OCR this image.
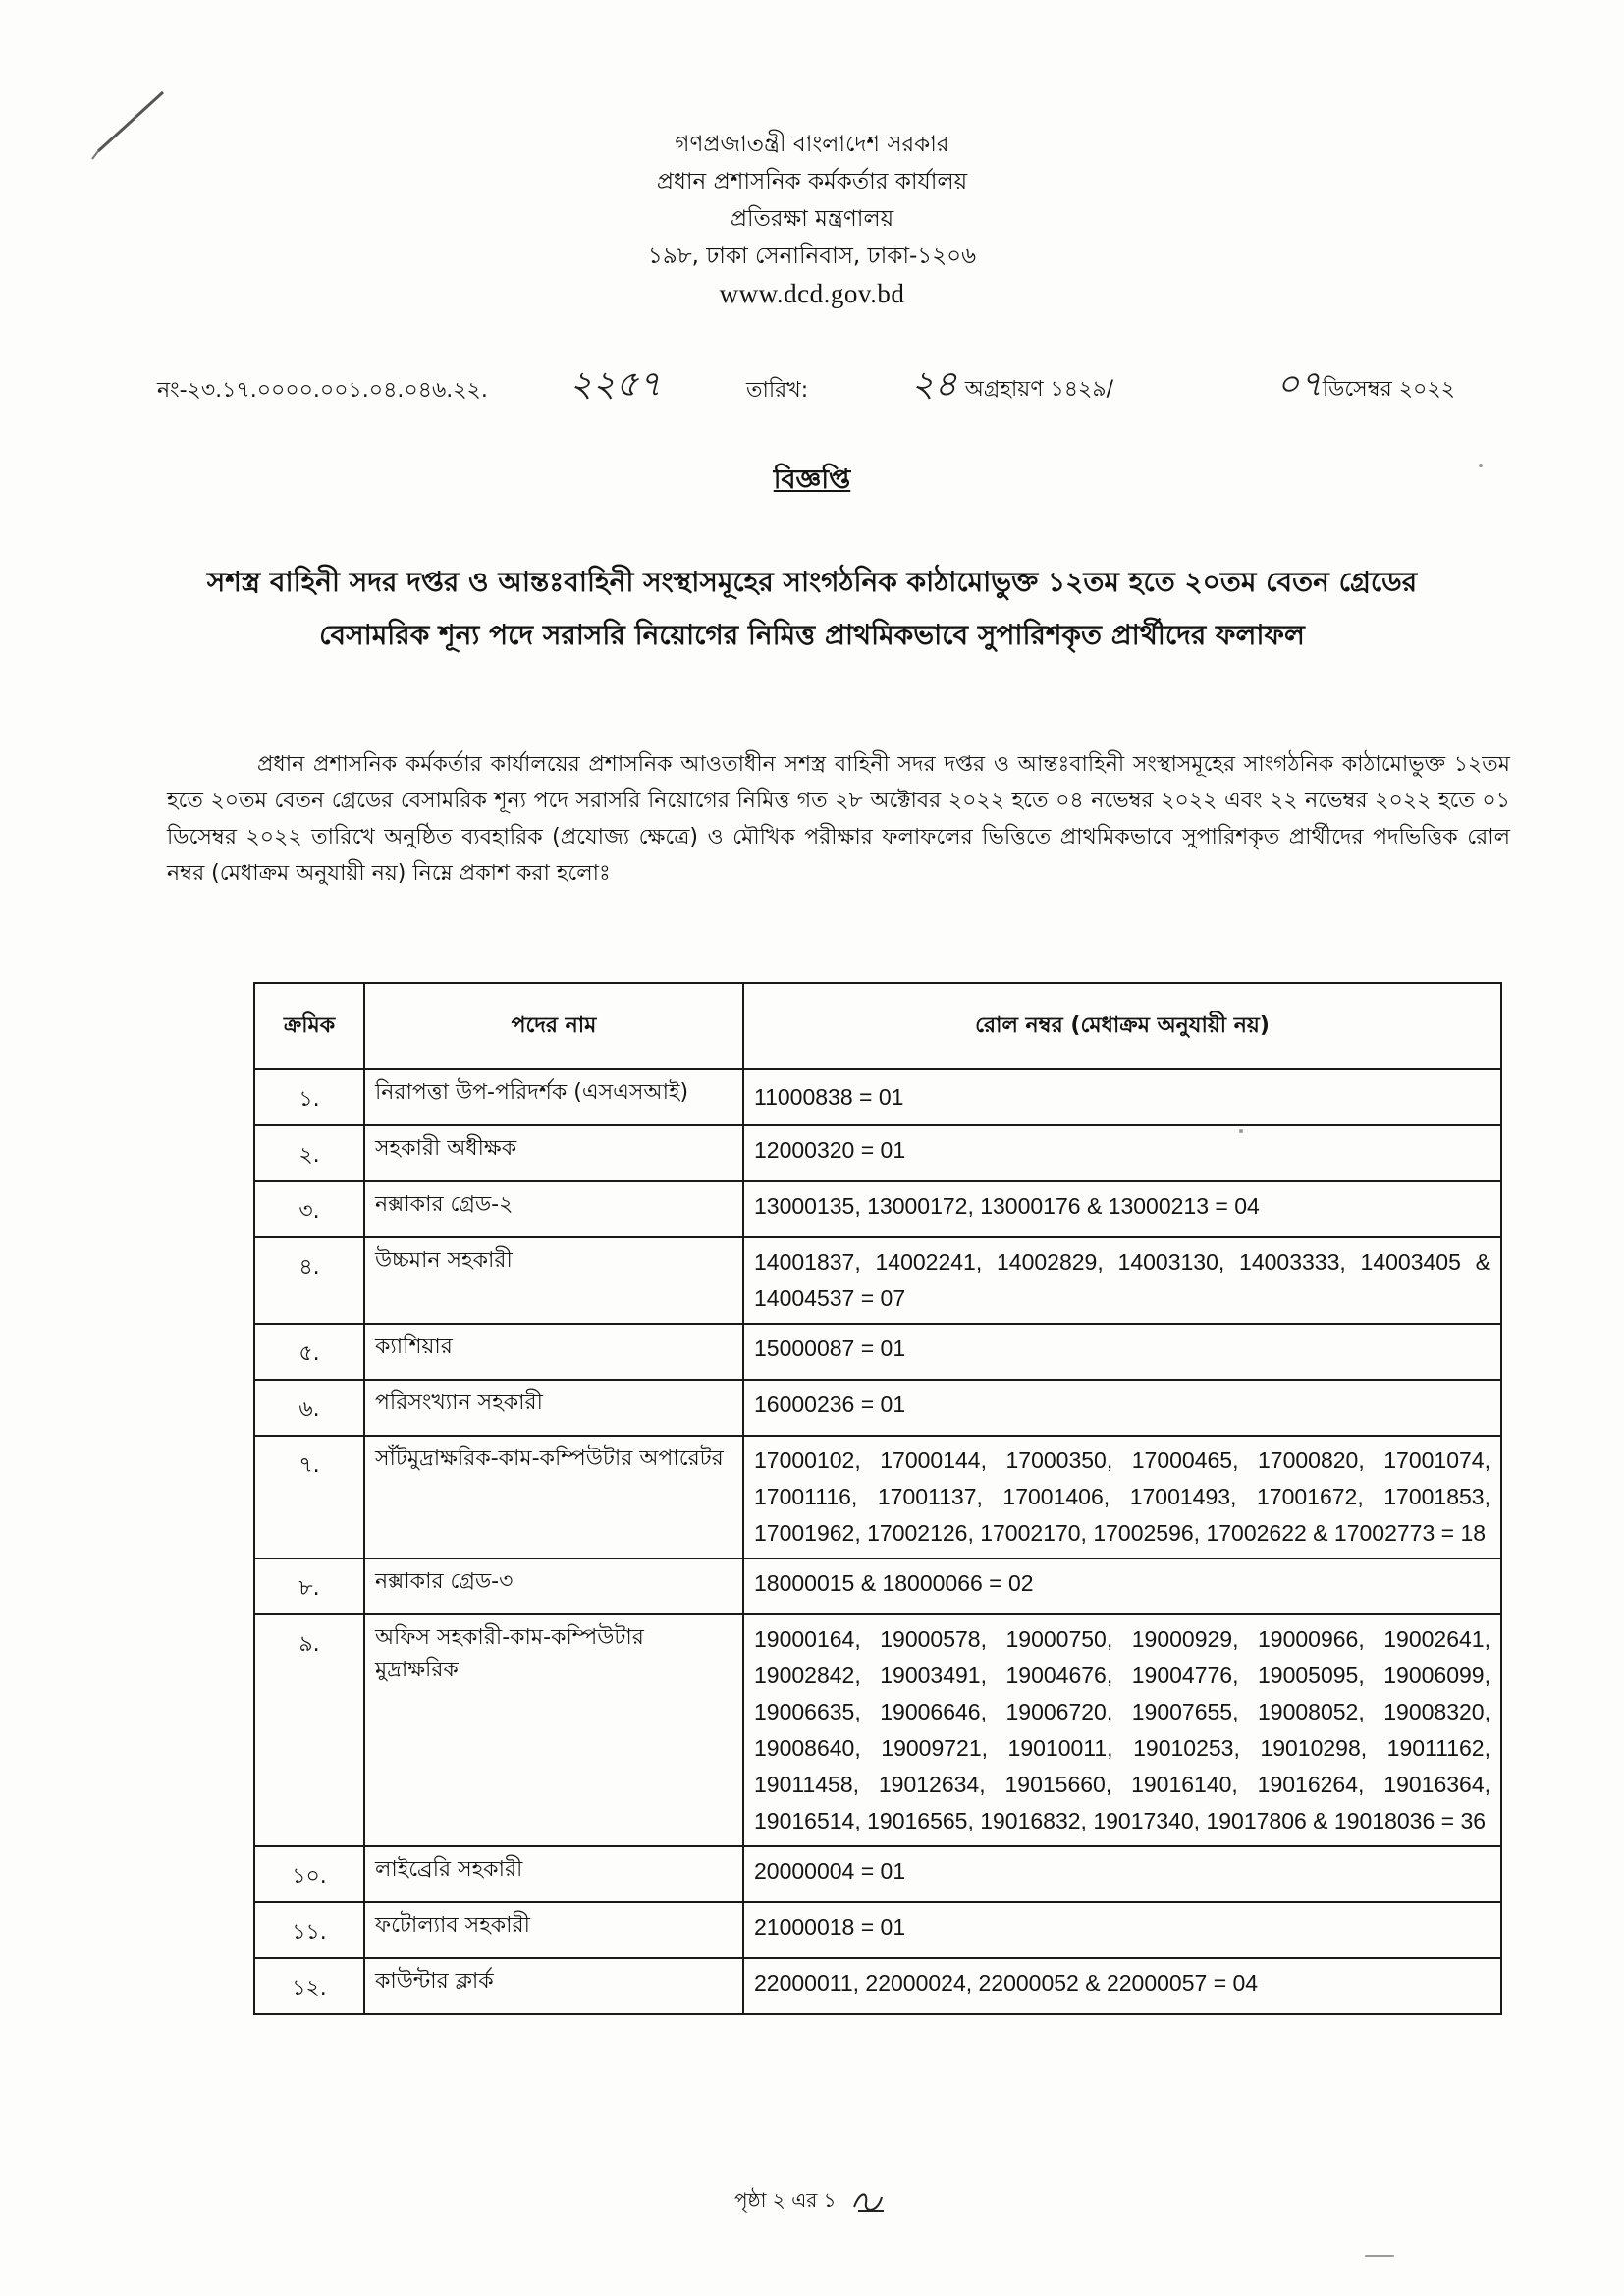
গণপ্রজাতন্ত্রী বাংলাদেশ সরকার
প্রধান প্রশাসনিক কর্মকর্তার কার্যালয়
প্রতিরক্ষা মন্ত্রণালয়
১৯৮, ঢাকা সেনানিবাস, ঢাকা-১২০৬
www.dcd.gov.bd
নং-২৩.১৭.০০০০.০০১.০৪.০৪৬.২২. ২২৫৭	তারিখ:	২৪ অগ্রহায়ণ ১৪২৯/	০৭ডিসেম্বর ২০২২
বিজ্ঞপ্তি
সশস্ত্র বাহিনী সদর দপ্তর ও আন্তঃবাহিনী সংস্থাসমূহের সাংগঠনিক কাঠামোভুক্ত ১২তম হতে ২০তম বেতন গ্রেডের বেসামরিক শূন্য পদে সরাসরি নিয়োগের নিমিত্ত প্রাথমিকভাবে সুপারিশকৃত প্রার্থীদের ফলাফল
প্রধান প্রশাসনিক কর্মকর্তার কার্যালয়ের প্রশাসনিক আওতাধীন সশস্ত্র বাহিনী সদর দপ্তর ও আন্তঃবাহিনী সংস্থাসমূহের সাংগঠনিক কাঠামোভুক্ত ১২তম হতে ২০তম বেতন গ্রেডের বেসামরিক শূন্য পদে সরাসরি নিয়োগের নিমিত্ত গত ২৮ অক্টোবর ২০২২ হতে ০৪ নভেম্বর ২০২২ এবং ২২ নভেম্বর ২০২২ হতে ০১ ডিসেম্বর ২০২২ তারিখে অনুষ্ঠিত ব্যবহারিক (প্রযোজ্য ক্ষেত্রে) ও মৌখিক পরীক্ষার ফলাফলের ভিত্তিতে প্রাথমিকভাবে সুপারিশকৃত প্রার্থীদের পদভিত্তিক রোল নম্বর (মেধাক্রম অনুযায়ী নয়) নিম্নে প্রকাশ করা হলোঃ
ক্রমিক	পদের নাম	রোল নম্বর (মেধাক্রম অনুযায়ী নয়)
১.	নিরাপত্তা উপ-পরিদর্শক (এসএসআই)	11000838 = 01
২.	সহকারী অধীক্ষক	12000320 = 01
৩.	নক্সাকার গ্রেড-২	13000135, 13000172, 13000176 & 13000213 = 04
৪.	উচ্চমান সহকারী	14001837, 14002241, 14002829, 14003130, 14003333, 14003405 & 14004537 = 07
৫.	ক্যাশিয়ার	15000087 = 01
৬.	পরিসংখ্যান সহকারী	16000236 = 01
৭.	সাঁটমুদ্রাক্ষরিক-কাম-কম্পিউটার অপারেটর	17000102, 17000144, 17000350, 17000465, 17000820, 17001074, 17001116, 17001137, 17001406, 17001493, 17001672, 17001853, 17001962, 17002126, 17002170, 17002596, 17002622 & 17002773 = 18
৮.	নক্সাকার গ্রেড-৩	18000015 & 18000066 = 02
৯.	অফিস সহকারী-কাম-কম্পিউটার মুদ্রাক্ষরিক	19000164, 19000578, 19000750, 19000929, 19000966, 19002641, 19002842, 19003491, 19004676, 19004776, 19005095, 19006099, 19006635, 19006646, 19006720, 19007655, 19008052, 19008320, 19008640, 19009721, 19010011, 19010253, 19010298, 19011162, 19011458, 19012634, 19015660, 19016140, 19016264, 19016364, 19016514, 19016565, 19016832, 19017340, 19017806 & 19018036 = 36
১০.	লাইব্রেরি সহকারী	20000004 = 01
১১.	ফটোল্যাব সহকারী	21000018 = 01
১২.	কাউন্টার ক্লার্ক	22000011, 22000024, 22000052 & 22000057 = 04
পৃষ্ঠা ২ এর ১
